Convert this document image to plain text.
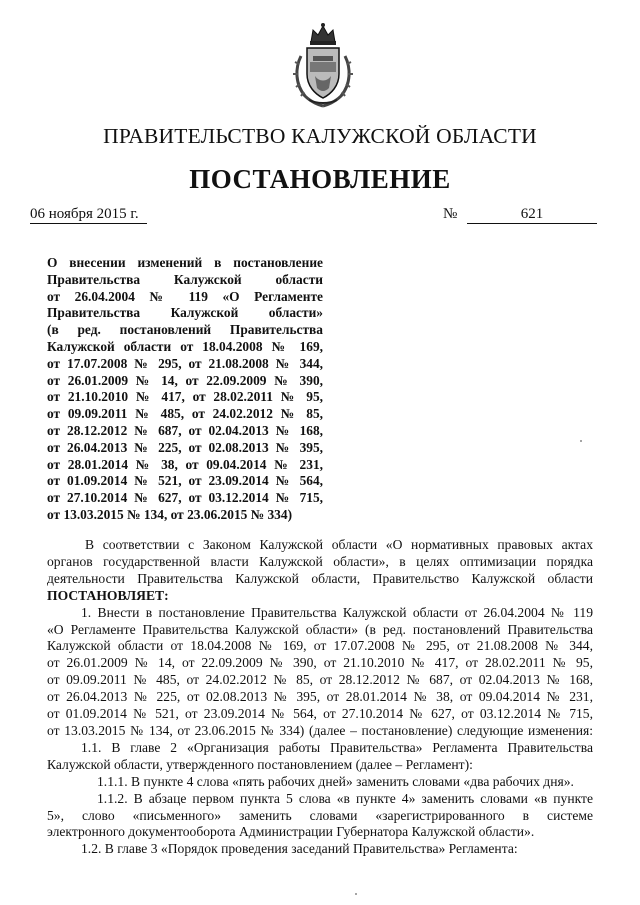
ПРАВИТЕЛЬСТВО КАЛУЖСКОЙ ОБЛАСТИ
ПОСТАНОВЛЕНИЕ
06 ноября 2015 г.	№	621
О внесении изменений в постановление
Правительства Калужской области
от 26.04.2004 № 119 «О Регламенте
Правительства Калужской области»
(в ред. постановлений Правительства
Калужской области от 18.04.2008 № 169,
от 17.07.2008 № 295, от 21.08.2008 № 344,
от 26.01.2009 № 14, от 22.09.2009 № 390,
от 21.10.2010 № 417, от 28.02.2011 № 95,
от 09.09.2011 № 485, от 24.02.2012 № 85,
от 28.12.2012 № 687, от 02.04.2013 № 168,
от 26.04.2013 № 225, от 02.08.2013 № 395,
от 28.01.2014 № 38, от 09.04.2014 № 231,
от 01.09.2014 № 521, от 23.09.2014 № 564,
от 27.10.2014 № 627, от 03.12.2014 № 715,
от 13.03.2015 № 134, от 23.06.2015 № 334)
В соответствии с Законом Калужской области «О нормативных правовых актах
органов государственной власти Калужской области», в целях оптимизации порядка
деятельности Правительства Калужской области, Правительство Калужской области
ПОСТАНОВЛЯЕТ:
1. Внести в постановление Правительства Калужской области от 26.04.2004 № 119
«О Регламенте Правительства Калужской области» (в ред. постановлений Правительства
Калужской области от 18.04.2008 № 169, от 17.07.2008 № 295, от 21.08.2008 № 344,
от 26.01.2009 № 14, от 22.09.2009 № 390, от 21.10.2010 № 417, от 28.02.2011 № 95,
от 09.09.2011 № 485, от 24.02.2012 № 85, от 28.12.2012 № 687, от 02.04.2013 № 168,
от 26.04.2013 № 225, от 02.08.2013 № 395, от 28.01.2014 № 38, от 09.04.2014 № 231,
от 01.09.2014 № 521, от 23.09.2014 № 564, от 27.10.2014 № 627, от 03.12.2014 № 715,
от 13.03.2015 № 134, от 23.06.2015 № 334) (далее – постановление) следующие изменения:
1.1. В главе 2 «Организация работы Правительства» Регламента Правительства
Калужской области, утвержденного постановлением (далее – Регламент):
1.1.1. В пункте 4 слова «пять рабочих дней» заменить словами «два рабочих дня».
1.1.2. В абзаце первом пункта 5 слова «в пункте 4» заменить словами «в пункте
5», слово «письменного» заменить словами «зарегистрированного в системе
электронного документооборота Администрации Губернатора Калужской области».
1.2. В главе 3 «Порядок проведения заседаний Правительства» Регламента:
